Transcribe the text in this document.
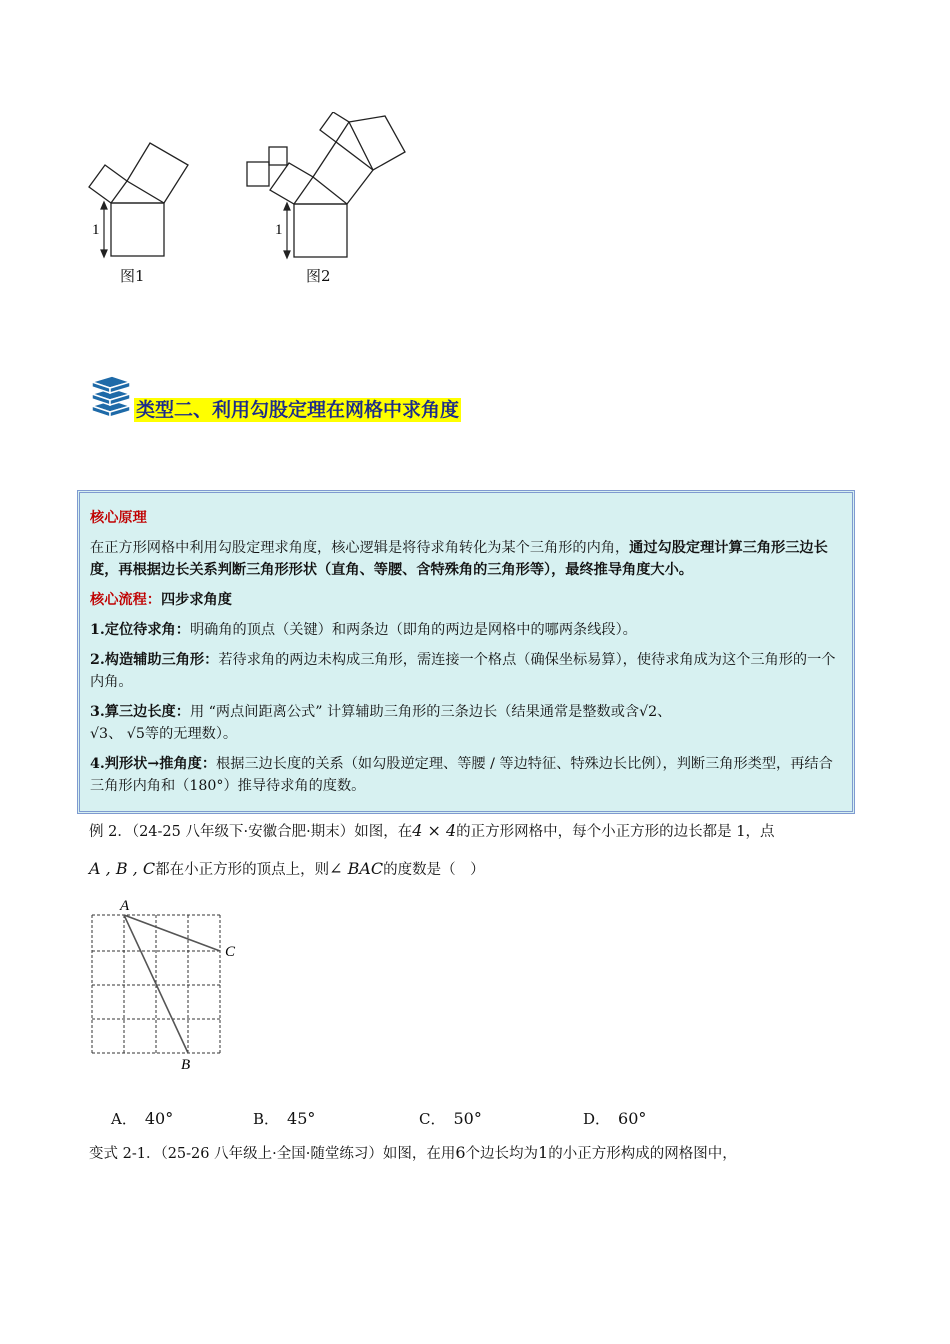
1
图1
1
图2
类型二、利用勾股定理在网格中求角度

核心原理

在正方形网格中利用勾股定理求角度，核心逻辑是将待求角转化为某个三角形的内角，通过勾股定理计算三角形三边长度，再根据边长关系判断三角形形状（直角、等腰、含特殊角的三角形等），最终推导角度大小。

核心流程：四步求角度

1.定位待求角：明确角的顶点（关键）和两条边（即角的两边是网格中的哪两条线段）。

2.构造辅助三角形：若待求角的两边未构成三角形，需连接一个格点（确保坐标易算），使待求角成为这个三角形的一个内角。

3.算三边长度：用 “两点间距离公式” 计算辅助三角形的三条边长（结果通常是整数或含√2、
√3、 √5等的无理数）。

4.判形状→推角度：根据三边长度的关系（如勾股逆定理、等腰 / 等边特征、特殊边长比例），判断三角形类型，再结合三角形内角和（180°）推导待求角的度数。

例 2．（24-25 八年级下·安徽合肥·期末）如图，在4 × 4的正方形网格中，每个小正方形的边长都是 1，点
A , B , C都在小正方形的顶点上，则∠ BAC的度数是（　）
A
C
B
A． 40°	B． 45°	C． 50°	D． 60°
变式 2-1．（25-26 八年级上·全国·随堂练习）如图，在用6个边长均为1的小正方形构成的网格图中，
